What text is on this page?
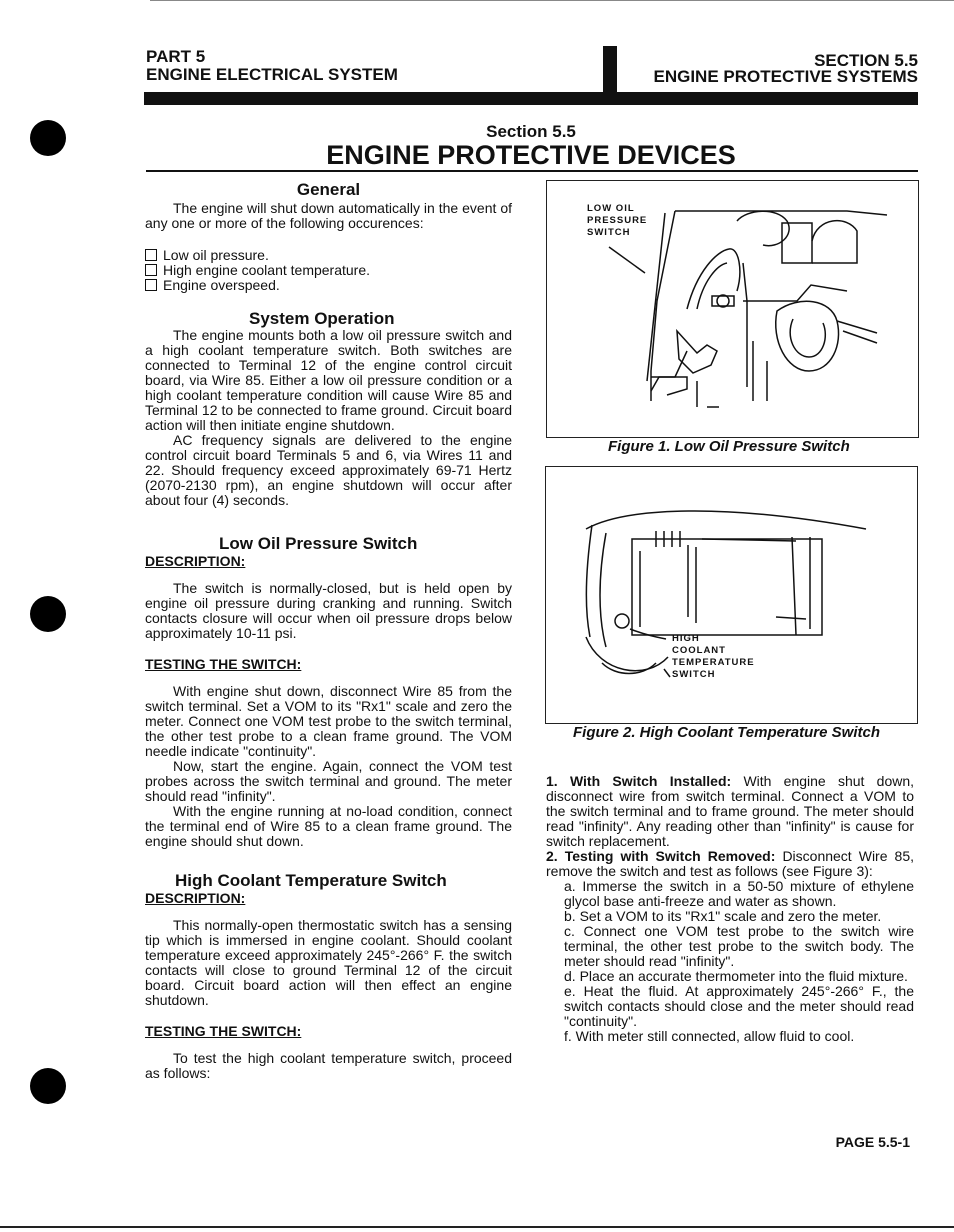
PART 5
ENGINE ELECTRICAL SYSTEM
SECTION 5.5
ENGINE PROTECTIVE SYSTEMS
Section 5.5
ENGINE PROTECTIVE DEVICES
General

The engine will shut down automatically in the event of any one or more of the following occurences:

Low oil pressure.

High engine coolant temperature.

Engine overspeed.

System Operation

The engine mounts both a low oil pressure switch and a high coolant temperature switch. Both switches are connected to Terminal 12 of the engine control circuit board, via Wire 85. Either a low oil pressure condition or a high coolant temperature condition will cause Wire 85 and Terminal 12 to be connected to frame ground. Circuit board action will then initiate engine shutdown.

AC frequency signals are delivered to the engine control circuit board Terminals 5 and 6, via Wires 11 and 22. Should frequency exceed approximately 69-71 Hertz (2070-2130 rpm), an engine shutdown will occur after about four (4) seconds.

Low Oil Pressure Switch
DESCRIPTION:

The switch is normally-closed, but is held open by engine oil pressure during cranking and running. Switch contacts closure will occur when oil pressure drops below approximately 10-11 psi.

TESTING THE SWITCH:

With engine shut down, disconnect Wire 85 from the switch terminal. Set a VOM to its "Rx1" scale and zero the meter. Connect one VOM test probe to the switch terminal, the other test probe to a clean frame ground. The VOM needle indicate "continuity".

Now, start the engine. Again, connect the VOM test probes across the switch terminal and ground. The meter should read "infinity".

With the engine running at no-load condition, connect the terminal end of Wire 85 to a clean frame ground. The engine should shut down.

High Coolant Temperature Switch
DESCRIPTION:

This normally-open thermostatic switch has a sensing tip which is immersed in engine coolant. Should coolant temperature exceed approximately 245°-266° F. the switch contacts will close to ground Terminal 12 of the circuit board. Circuit board action will then effect an engine shutdown.

TESTING THE SWITCH:

To test the high coolant temperature switch, proceed as follows:

LOW OIL
PRESSURE
SWITCH
Figure 1. Low Oil Pressure Switch
HIGH
COOLANT
TEMPERATURE
SWITCH
Figure 2. High Coolant Temperature Switch

1. With Switch Installed: With engine shut down, disconnect wire from switch terminal. Connect a VOM to the switch terminal and to frame ground. The meter should read "infinity". Any reading other than "infinity" is cause for switch replacement.

2. Testing with Switch Removed: Disconnect Wire 85, remove the switch and test as follows (see Figure 3):

a. Immerse the switch in a 50-50 mixture of ethylene glycol base anti-freeze and water as shown.

b. Set a VOM to its "Rx1" scale and zero the meter.

c. Connect one VOM test probe to the switch wire terminal, the other test probe to the switch body. The meter should read "infinity".

d. Place an accurate thermometer into the fluid mixture.

e. Heat the fluid. At approximately 245°-266° F., the switch contacts should close and the meter should read "continuity".

f. With meter still connected, allow fluid to cool.

PAGE 5.5-1
